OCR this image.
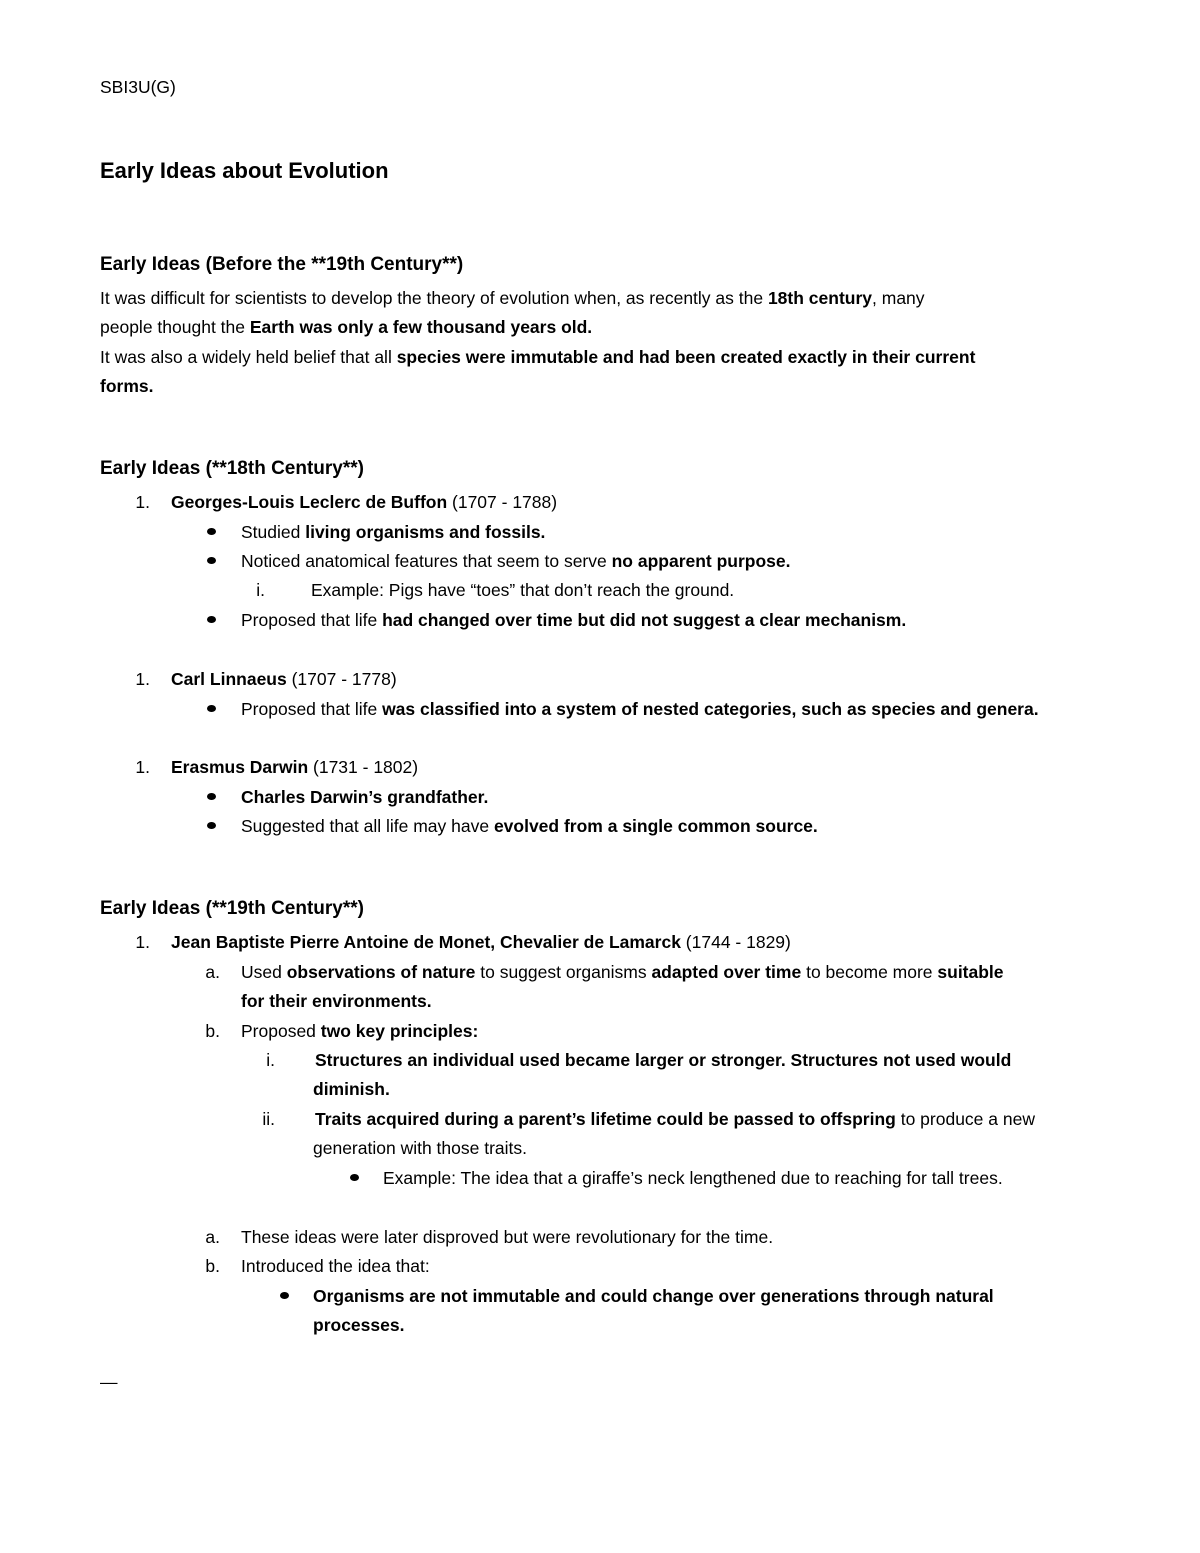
SBI3U(G)
Early Ideas about Evolution
Early Ideas (Before the **19th Century**)
It was difficult for scientists to develop the theory of evolution when, as recently as the 18th century, many
people thought the Earth was only a few thousand years old.
It was also a widely held belief that all species were immutable and had been created exactly in their current
forms.
Early Ideas (**18th Century**)
1. Georges-Louis Leclerc de Buffon (1707 - 1788)
Studied living organisms and fossils.
Noticed anatomical features that seem to serve no apparent purpose.
i.	Example: Pigs have “toes” that don’t reach the ground.
Proposed that life had changed over time but did not suggest a clear mechanism.
1. Carl Linnaeus (1707 - 1778)
Proposed that life was classified into a system of nested categories, such as species and genera.
1. Erasmus Darwin (1731 - 1802)
Charles Darwin’s grandfather.
Suggested that all life may have evolved from a single common source.
Early Ideas (**19th Century**)
1. Jean Baptiste Pierre Antoine de Monet, Chevalier de Lamarck (1744 - 1829)
a. Used observations of nature to suggest organisms adapted over time to become more suitable
for their environments.
b. Proposed two key principles:
i. Structures an individual used became larger or stronger. Structures not used would
diminish.
ii. Traits acquired during a parent’s lifetime could be passed to offspring to produce a new
generation with those traits.
Example: The idea that a giraffe’s neck lengthened due to reaching for tall trees.
a. These ideas were later disproved but were revolutionary for the time.
b. Introduced the idea that:
Organisms are not immutable and could change over generations through natural
processes.
—
